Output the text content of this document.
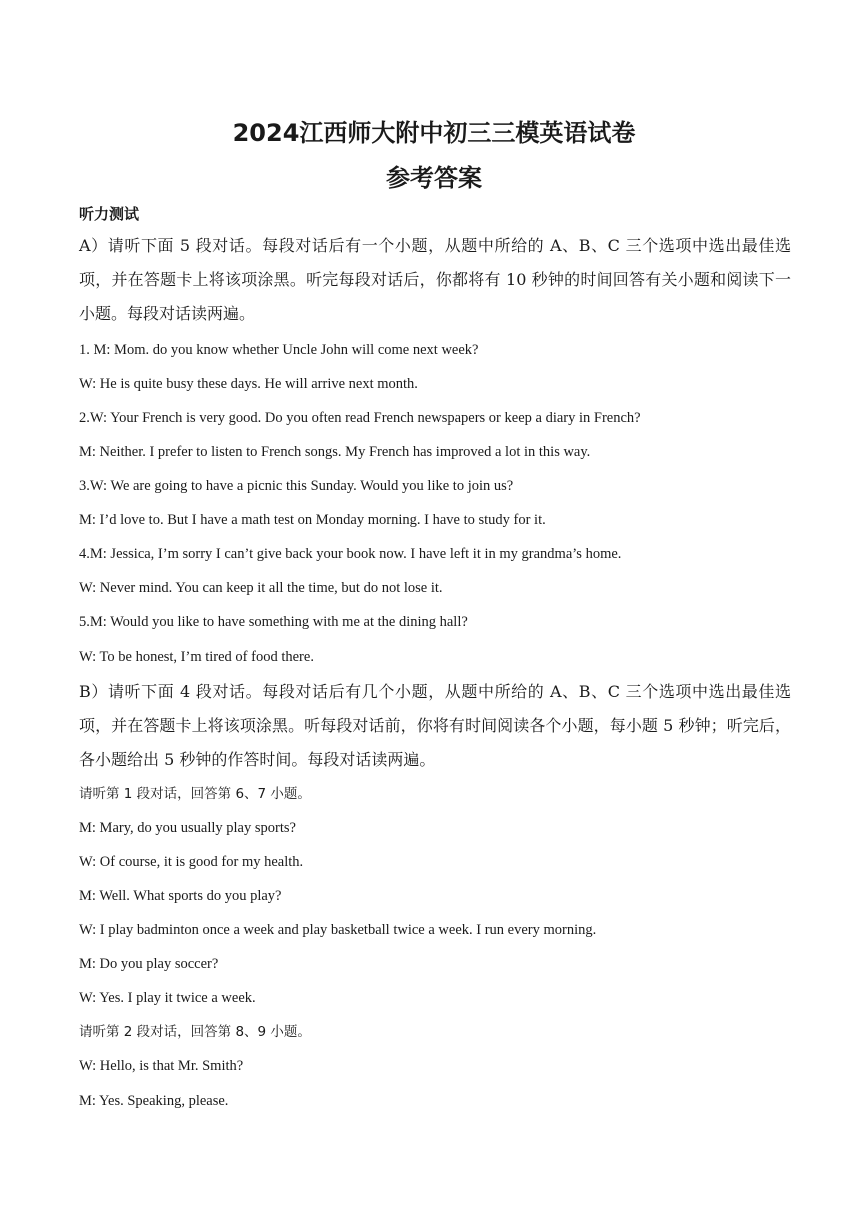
2024江西师大附中初三三模英语试卷
参考答案
听力测试

A）请听下面 5 段对话。每段对话后有一个小题，从题中所给的 A、B、C 三个选项中选出最佳选项，并在答题卡上将该项涂黑。听完每段对话后，你都将有 10 秒钟的时间回答有关小题和阅读下一小题。每段对话读两遍。

1. M: Mom. do you know whether Uncle John will come next week?

W: He is quite busy these days. He will arrive next month.

2.W: Your French is very good. Do you often read French newspapers or keep a diary in French?

M: Neither. I prefer to listen to French songs. My French has improved a lot in this way.

3.W: We are going to have a picnic this Sunday. Would you like to join us?

M: I’d love to. But I have a math test on Monday morning. I have to study for it.

4.M: Jessica, I’m sorry I can’t give back your book now. I have left it in my grandma’s home.

W: Never mind. You can keep it all the time, but do not lose it.

5.M: Would you like to have something with me at the dining hall?

W: To be honest, I’m tired of food there.

B）请听下面 4 段对话。每段对话后有几个小题，从题中所给的 A、B、C 三个选项中选出最佳选项，并在答题卡上将该项涂黑。听每段对话前，你将有时间阅读各个小题，每小题 5 秒钟；听完后，各小题给出 5 秒钟的作答时间。每段对话读两遍。

请听第 1 段对话，回答第 6、7 小题。

M: Mary, do you usually play sports?

W: Of course, it is good for my health.

M: Well. What sports do you play?

W: I play badminton once a week and play basketball twice a week. I run every morning.

M: Do you play soccer?

W: Yes. I play it twice a week.

请听第 2 段对话，回答第 8、9 小题。

W: Hello, is that Mr. Smith?

M: Yes. Speaking, please.
